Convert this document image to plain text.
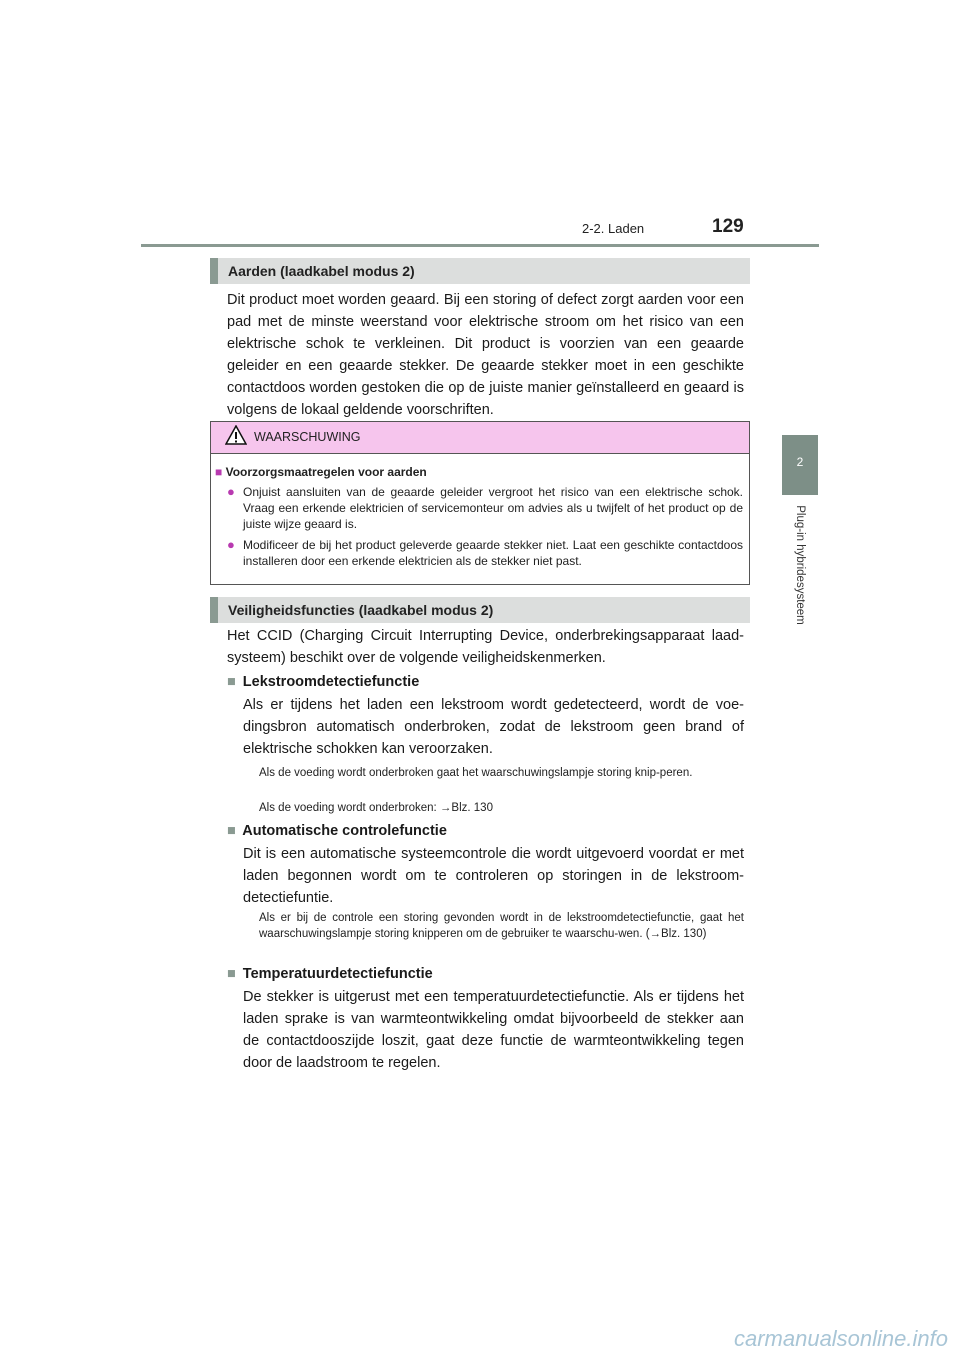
2-2. Laden	129
2
Plug-in hybridesysteem
Aarden (laadkabel modus 2)
Dit product moet worden geaard. Bij een storing of defect zorgt aarden voor een pad met de minste weerstand voor elektrische stroom om het risico van een elektrische schok te verkleinen. Dit product is voorzien van een geaarde geleider en een geaarde stekker. De geaarde stekker moet in een geschikte contactdoos worden gestoken die op de juiste manier geïnstalleerd en geaard is volgens de lokaal geldende voorschriften.
WAARSCHUWING
■ Voorzorgsmaatregelen voor aarden
● Onjuist aansluiten van de geaarde geleider vergroot het risico van een elektrische schok. Vraag een erkende elektricien of servicemonteur om advies als u twijfelt of het product op de juiste wijze geaard is.
● Modificeer de bij het product geleverde geaarde stekker niet. Laat een geschikte contactdoos installeren door een erkende elektricien als de stekker niet past.
Veiligheidsfuncties (laadkabel modus 2)
Het CCID (Charging Circuit Interrupting Device, onderbrekingsapparaat laad-systeem) beschikt over de volgende veiligheidskenmerken.
■ Lekstroomdetectiefunctie
Als er tijdens het laden een lekstroom wordt gedetecteerd, wordt de voe-dingsbron automatisch onderbroken, zodat de lekstroom geen brand of elektrische schokken kan veroorzaken.
Als de voeding wordt onderbroken gaat het waarschuwingslampje storing knip-peren.
Als de voeding wordt onderbroken: →Blz. 130
■ Automatische controlefunctie
Dit is een automatische systeemcontrole die wordt uitgevoerd voordat er met laden begonnen wordt om te controleren op storingen in de lekstroom-detectiefuntie.
Als er bij de controle een storing gevonden wordt in de lekstroomdetectiefunctie, gaat het waarschuwingslampje storing knipperen om de gebruiker te waarschu-wen. (→Blz. 130)
■ Temperatuurdetectiefunctie
De stekker is uitgerust met een temperatuurdetectiefunctie. Als er tijdens het laden sprake is van warmteontwikkeling omdat bijvoorbeeld de stekker aan de contactdooszijde loszit, gaat deze functie de warmteontwikkeling tegen door de laadstroom te regelen.
carmanualsonline.info
